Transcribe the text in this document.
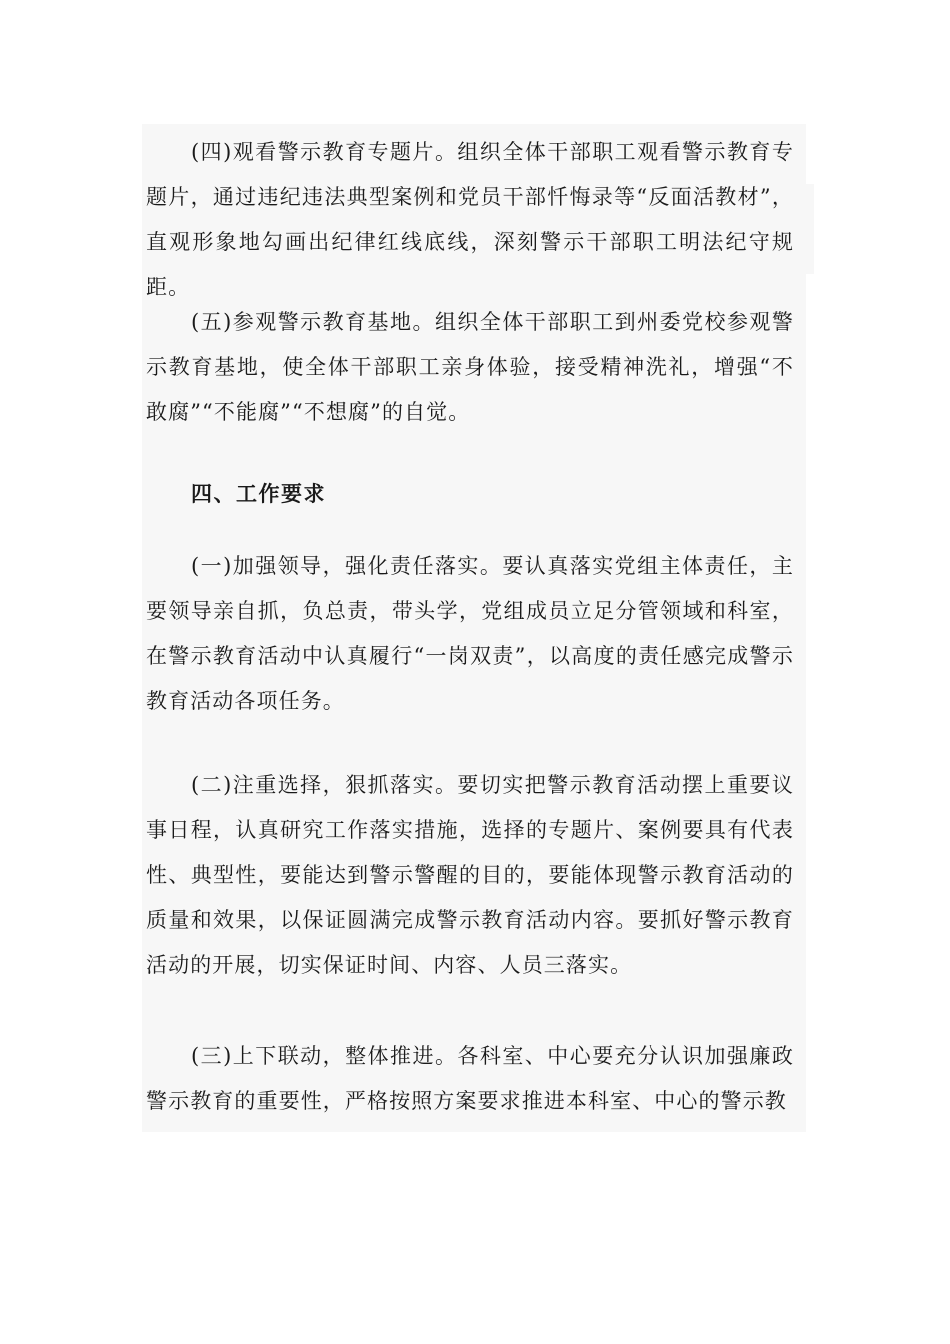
(四)观看警示教育专题片。组织全体干部职工观看警示教育专题片，通过违纪违法典型案例和党员干部忏悔录等“反面活教材”，直观形象地勾画出纪律红线底线，深刻警示干部职工明法纪守规距。

(五)参观警示教育基地。组织全体干部职工到州委党校参观警示教育基地，使全体干部职工亲身体验，接受精神洗礼，增强“不敢腐”“不能腐”“不想腐”的自觉。

四、工作要求

(一)加强领导，强化责任落实。要认真落实党组主体责任，主要领导亲自抓，负总责，带头学，党组成员立足分管领域和科室，在警示教育活动中认真履行“一岗双责”，以高度的责任感完成警示教育活动各项任务。

(二)注重选择，狠抓落实。要切实把警示教育活动摆上重要议事日程，认真研究工作落实措施，选择的专题片、案例要具有代表性、典型性，要能达到警示警醒的目的，要能体现警示教育活动的质量和效果，以保证圆满完成警示教育活动内容。要抓好警示教育活动的开展，切实保证时间、内容、人员三落实。

(三)上下联动，整体推进。各科室、中心要充分认识加强廉政警示教育的重要性，严格按照方案要求推进本科室、中心的警示教
